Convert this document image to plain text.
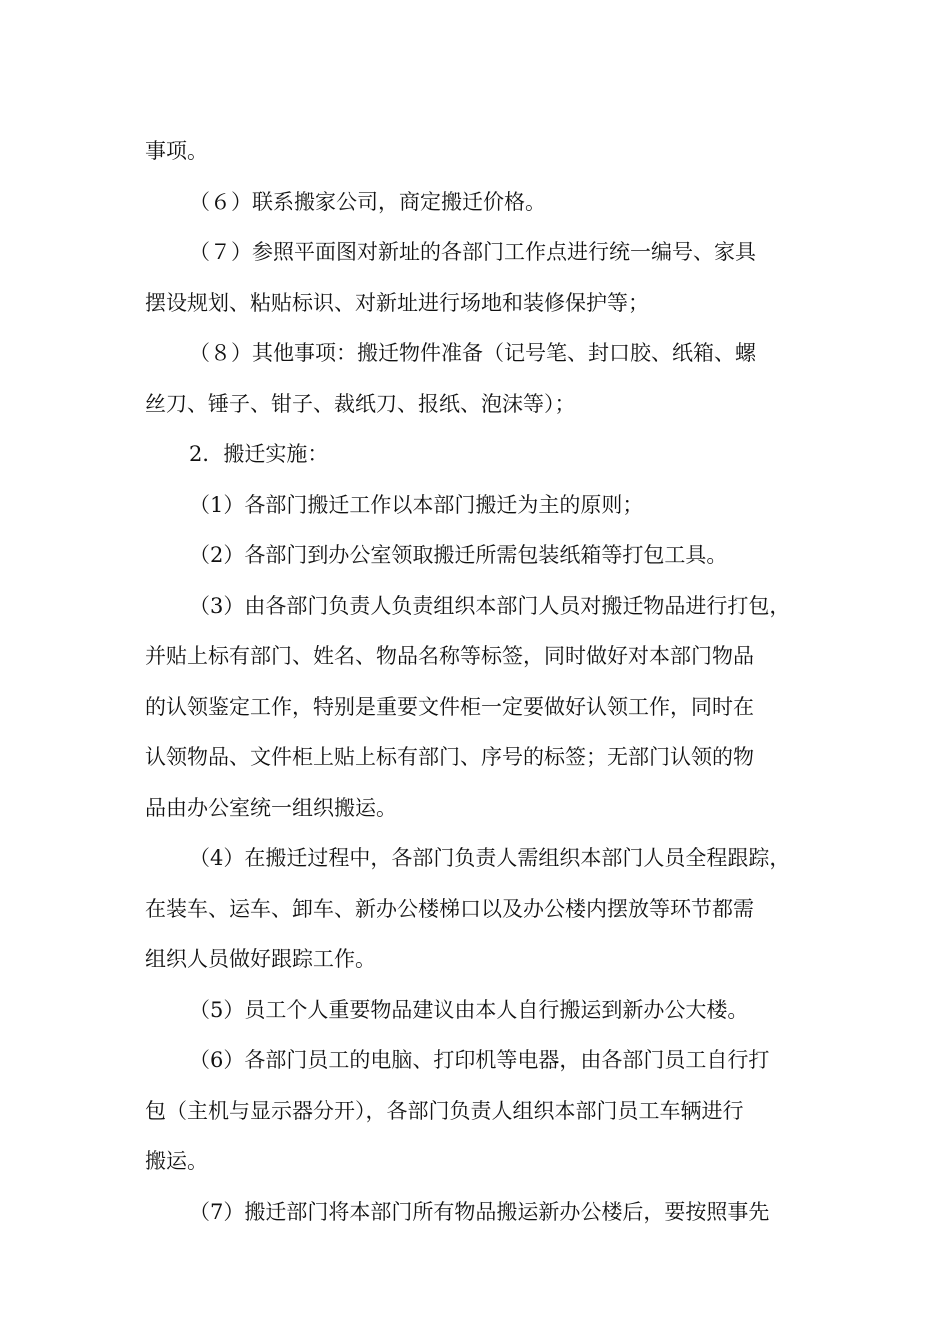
事项。
（６）联系搬家公司，商定搬迁价格。
（７）参照平面图对新址的各部门工作点进行统一编号、家具
摆设规划、粘贴标识、对新址进行场地和装修保护等；
（８）其他事项：搬迁物件准备（记号笔、封口胶、纸箱、螺
丝刀、锤子、钳子、裁纸刀、报纸、泡沫等）；
2．搬迁实施：
（1）各部门搬迁工作以本部门搬迁为主的原则；
（2）各部门到办公室领取搬迁所需包装纸箱等打包工具。
（3）由各部门负责人负责组织本部门人员对搬迁物品进行打包，
并贴上标有部门、姓名、物品名称等标签，同时做好对本部门物品
的认领鉴定工作，特别是重要文件柜一定要做好认领工作，同时在
认领物品、文件柜上贴上标有部门、序号的标签；无部门认领的物
品由办公室统一组织搬运。
（4）在搬迁过程中，各部门负责人需组织本部门人员全程跟踪，
在装车、运车、卸车、新办公楼梯口以及办公楼内摆放等环节都需
组织人员做好跟踪工作。
（5）员工个人重要物品建议由本人自行搬运到新办公大楼。
（6）各部门员工的电脑、打印机等电器，由各部门员工自行打
包（主机与显示器分开），各部门负责人组织本部门员工车辆进行
搬运。
（7）搬迁部门将本部门所有物品搬运新办公楼后，要按照事先
